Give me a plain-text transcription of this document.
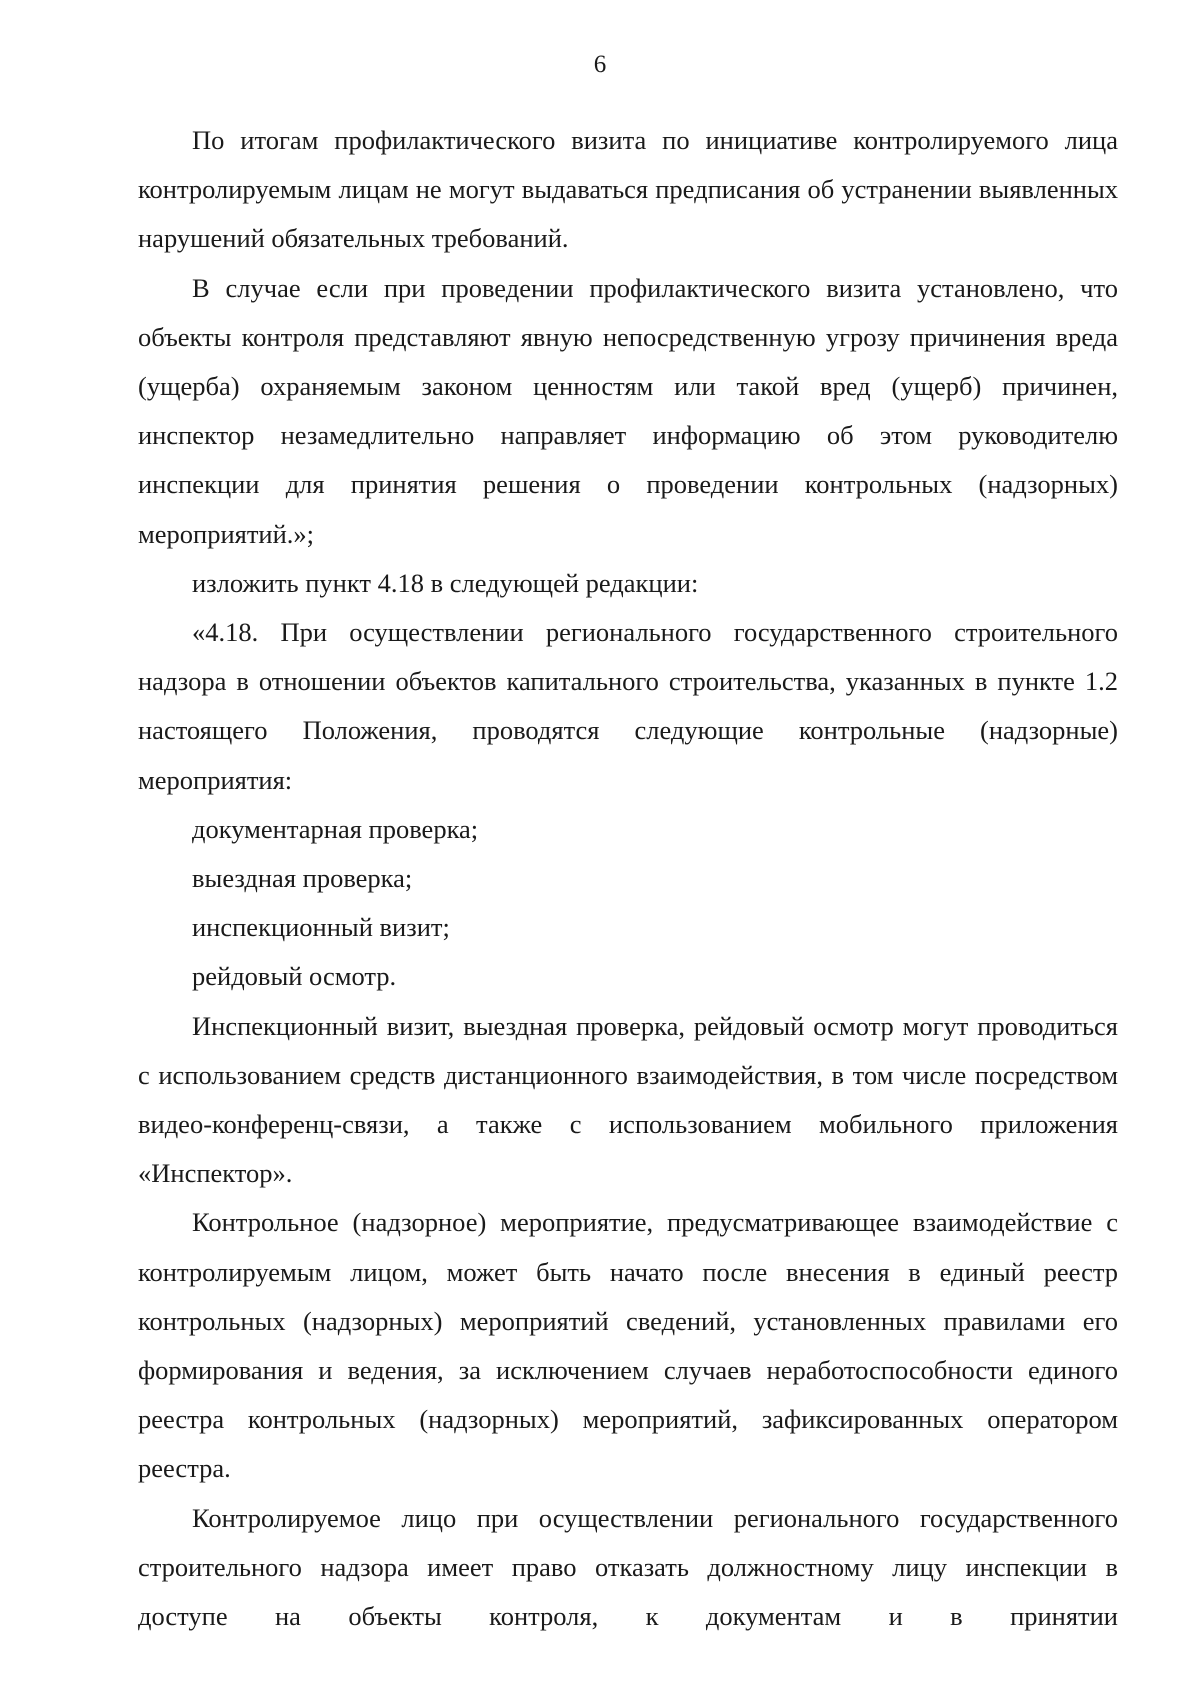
6

По итогам профилактического визита по инициативе контролируемого лица контролируемым лицам не могут выдаваться предписания об устранении выявленных нарушений обязательных требований.

В случае если при проведении профилактического визита установлено, что объекты контроля представляют явную непосредственную угрозу причинения вреда (ущерба) охраняемым законом ценностям или такой вред (ущерб) причинен, инспектор незамедлительно направляет информацию об этом руководителю инспекции для принятия решения о проведении контрольных (надзорных) мероприятий.»;

изложить пункт 4.18 в следующей редакции:

«4.18. При осуществлении регионального государственного строительного надзора в отношении объектов капитального строительства, указанных в пункте 1.2 настоящего Положения, проводятся следующие контрольные (надзорные) мероприятия:

документарная проверка;

выездная проверка;

инспекционный визит;

рейдовый осмотр.

Инспекционный визит, выездная проверка, рейдовый осмотр могут проводиться с использованием средств дистанционного взаимодействия, в том числе посредством видео-конференц-связи, а также с использованием мобильного приложения «Инспектор».

Контрольное (надзорное) мероприятие, предусматривающее взаимодействие с контролируемым лицом, может быть начато после внесения в единый реестр контрольных (надзорных) мероприятий сведений, установленных правилами его формирования и ведения, за исключением случаев неработоспособности единого реестра контрольных (надзорных) мероприятий, зафиксированных оператором реестра.

Контролируемое лицо при осуществлении регионального государственного строительного надзора имеет право отказать должностному лицу инспекции в доступе на объекты контроля, к документам и в принятии
